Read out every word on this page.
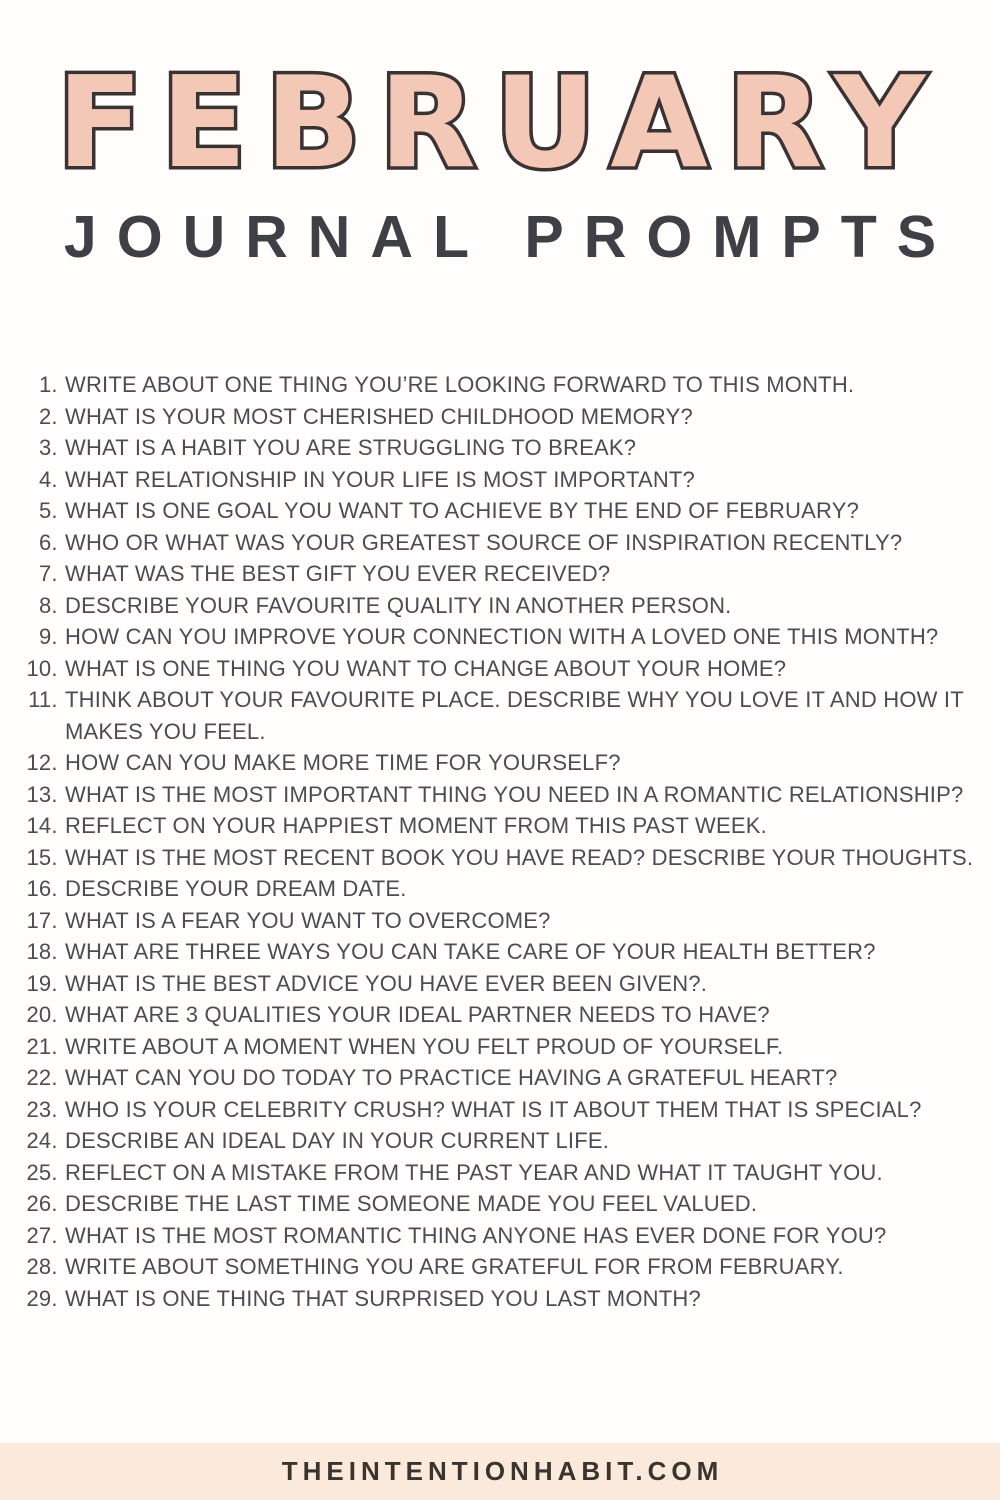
FEBRUARY
JOURNAL PROMPTS
1. WRITE ABOUT ONE THING YOU’RE LOOKING FORWARD TO THIS MONTH.
2. WHAT IS YOUR MOST CHERISHED CHILDHOOD MEMORY?
3. WHAT IS A HABIT YOU ARE STRUGGLING TO BREAK?
4. WHAT RELATIONSHIP IN YOUR LIFE IS MOST IMPORTANT?
5. WHAT IS ONE GOAL YOU WANT TO ACHIEVE BY THE END OF FEBRUARY?
6. WHO OR WHAT WAS YOUR GREATEST SOURCE OF INSPIRATION RECENTLY?
7. WHAT WAS THE BEST GIFT YOU EVER RECEIVED?
8. DESCRIBE YOUR FAVOURITE QUALITY IN ANOTHER PERSON.
9. HOW CAN YOU IMPROVE YOUR CONNECTION WITH A LOVED ONE THIS MONTH?
10. WHAT IS ONE THING YOU WANT TO CHANGE ABOUT YOUR HOME?
11. THINK ABOUT YOUR FAVOURITE PLACE. DESCRIBE WHY YOU LOVE IT AND HOW IT MAKES YOU FEEL.
12. HOW CAN YOU MAKE MORE TIME FOR YOURSELF?
13. WHAT IS THE MOST IMPORTANT THING YOU NEED IN A ROMANTIC RELATIONSHIP?
14. REFLECT ON YOUR HAPPIEST MOMENT FROM THIS PAST WEEK.
15. WHAT IS THE MOST RECENT BOOK YOU HAVE READ? DESCRIBE YOUR THOUGHTS.
16. DESCRIBE YOUR DREAM DATE.
17. WHAT IS A FEAR YOU WANT TO OVERCOME?
18. WHAT ARE THREE WAYS YOU CAN TAKE CARE OF YOUR HEALTH BETTER?
19. WHAT IS THE BEST ADVICE YOU HAVE EVER BEEN GIVEN?.
20. WHAT ARE 3 QUALITIES YOUR IDEAL PARTNER NEEDS TO HAVE?
21. WRITE ABOUT A MOMENT WHEN YOU FELT PROUD OF YOURSELF.
22. WHAT CAN YOU DO TODAY TO PRACTICE HAVING A GRATEFUL HEART?
23. WHO IS YOUR CELEBRITY CRUSH? WHAT IS IT ABOUT THEM THAT IS SPECIAL?
24. DESCRIBE AN IDEAL DAY IN YOUR CURRENT LIFE.
25. REFLECT ON A MISTAKE FROM THE PAST YEAR AND WHAT IT TAUGHT YOU.
26. DESCRIBE THE LAST TIME SOMEONE MADE YOU FEEL VALUED.
27. WHAT IS THE MOST ROMANTIC THING ANYONE HAS EVER DONE FOR YOU?
28. WRITE ABOUT SOMETHING YOU ARE GRATEFUL FOR FROM FEBRUARY.
29. WHAT IS ONE THING THAT SURPRISED YOU LAST MONTH?
THEINTENTIONHABIT.COM
